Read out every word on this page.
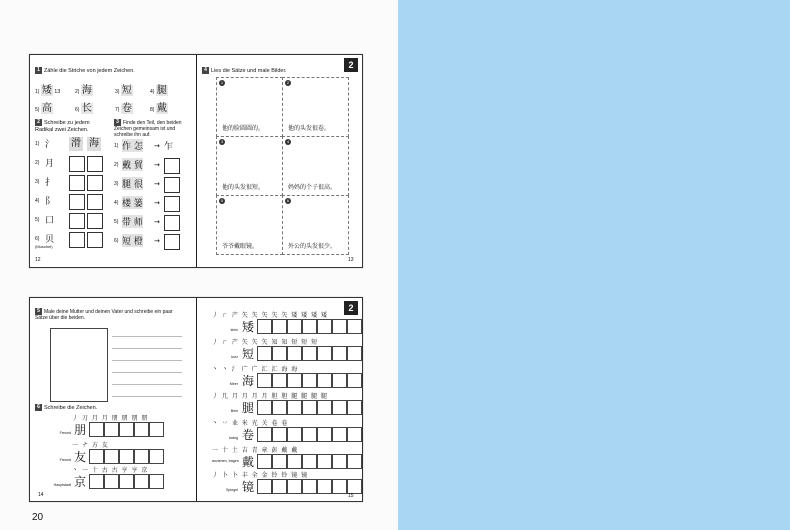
1 Zähle die Striche von jedem Zeichen.
1) 矮 13	2) 海	3) 短	4) 腿
5) 高	6) 长	7) 卷	8) 戴
2 Schreibe zu jedem
Radikal zwei Zeichen.
1) 氵 滑 海
2) 月
3) 扌
4) 阝
5) 口
6) 贝
(Muschel)
3 Finde den Teil, den beiden
Zeichen gemeinsam ist und
schreibe ihn auf.
1) 作 怎 → 乍
2) 戴 貿 →
3) 腿 很 →
4) 楼 篓 →
5) 带 师 →
6) 短 橙 →
12
2
4 Lies die Sätze und male Bilder.
1
他的脸圆圆的。
2
他的头发很卷。
3
他的头发很短。
4
妈妈的个子很高。
5
爷爷戴眼镜。
6
外公的头发很少。
13
5 Male deine Mutter und deinen Vater und schreibe ein paar
Sätze über die beiden.
6 Schreibe die Zeichen.
丿 刀 月 月 朋 朋 朋 朋
Freund 朋
一 ナ 方 友
Freund 友
丶 一 十 古 古 亨 亨 京
Hauptstadt 京
14
2
丿 ㄏ 产 矢 矢 矢 矢 矢 矮 矮 矮 矮
klein 矮
丿 ㄏ 产 矢 矢 矢 知 知 短 短 短
kurz 短
丶 丶 氵 广 广 汇 汇 海 海
Meer 海
丿 几 月 月 月 月 胆 胆 腿 腿 腿 腿
Bein 腿
丶 丷 业 米 光 关 卷 卷
lockig 卷
一 十 土 吉 青 章 彭 戴 戴
anziehen, tragen 戴
丿 卜 卜 丰 全 金 铃 铃 镜 镜
Spiegel 镜
15
20
